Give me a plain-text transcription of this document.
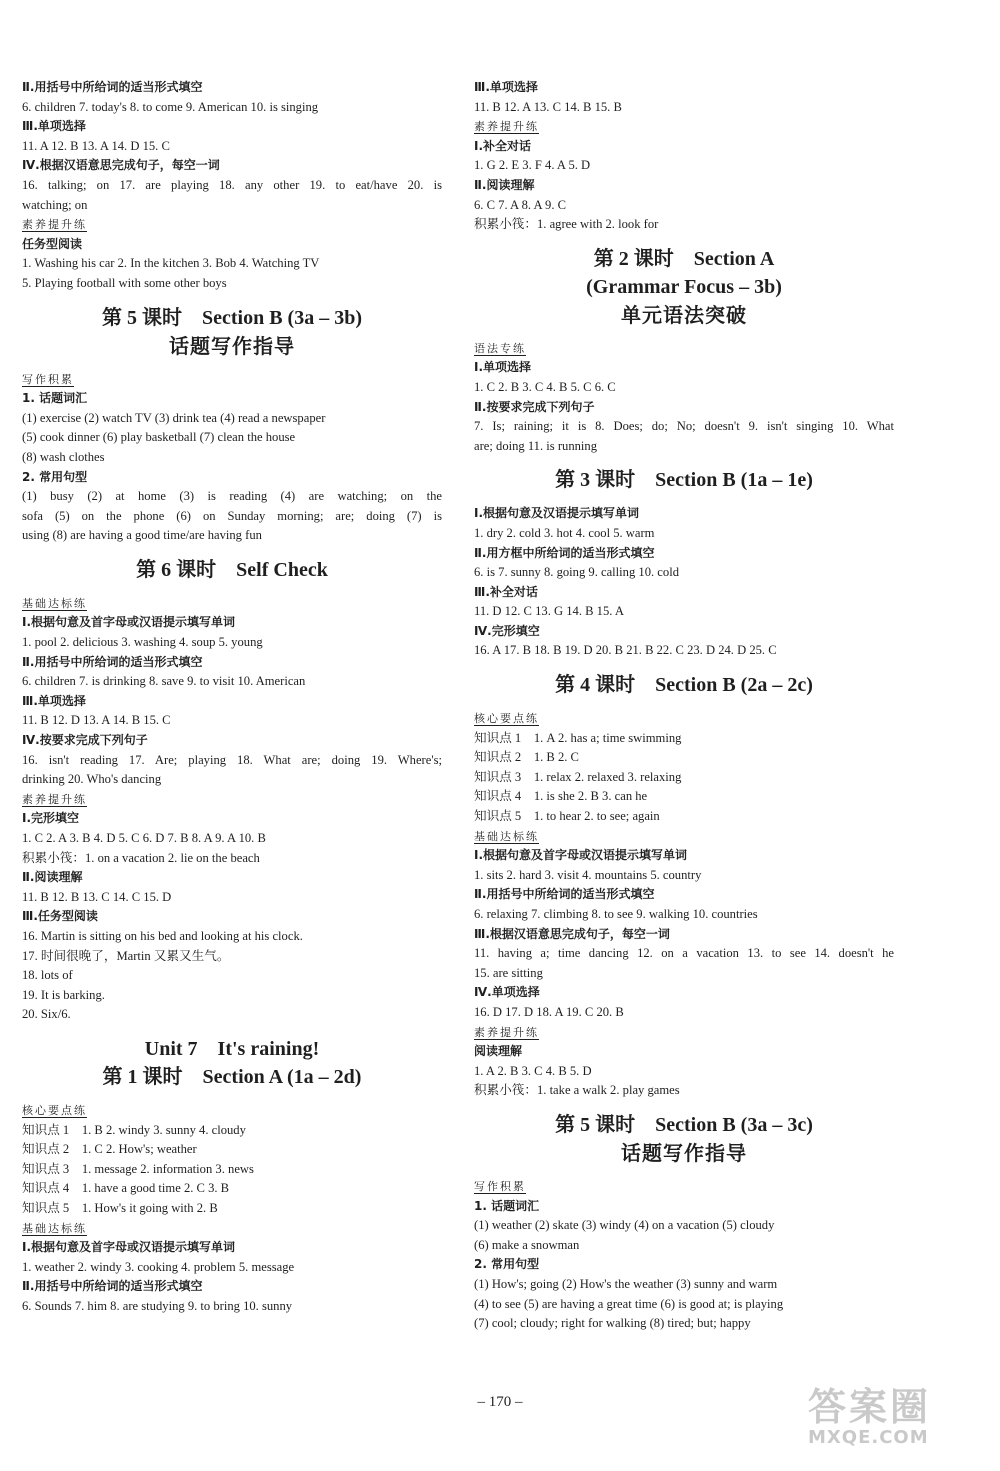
Ⅱ.用括号中所给词的适当形式填空
6. children 7. today's 8. to come 9. American 10. is singing
Ⅲ.单项选择
11. A 12. B 13. A 14. D 15. C
Ⅳ.根据汉语意思完成句子，每空一词
16. talking; on 17. are playing 18. any other 19. to eat/have 20. is
watching; on
素养提升练
任务型阅读
1. Washing his car 2. In the kitchen 3. Bob 4. Watching TV
5. Playing football with some other boys
第 5 课时　Section B (3a – 3b)
话题写作指导
写作积累
1. 话题词汇
(1) exercise (2) watch TV (3) drink tea (4) read a newspaper
(5) cook dinner (6) play basketball (7) clean the house
(8) wash clothes
2. 常用句型
(1) busy (2) at home (3) is reading (4) are watching; on the
sofa (5) on the phone (6) on Sunday morning; are; doing (7) is
using (8) are having a good time/are having fun
第 6 课时　Self Check
基础达标练
Ⅰ.根据句意及首字母或汉语提示填写单词
1. pool 2. delicious 3. washing 4. soup 5. young
Ⅱ.用括号中所给词的适当形式填空
6. children 7. is drinking 8. save 9. to visit 10. American
Ⅲ.单项选择
11. B 12. D 13. A 14. B 15. C
Ⅳ.按要求完成下列句子
16. isn't reading 17. Are; playing 18. What are; doing 19. Where's;
drinking 20. Who's dancing
素养提升练
Ⅰ.完形填空
1. C 2. A 3. B 4. D 5. C 6. D 7. B 8. A 9. A 10. B
积累小筏：1. on a vacation 2. lie on the beach
Ⅱ.阅读理解
11. B 12. B 13. C 14. C 15. D
Ⅲ.任务型阅读
16. Martin is sitting on his bed and looking at his clock.
17. 时间很晚了，Martin 又累又生气。
18. lots of
19. It is barking.
20. Six/6.
Unit 7　It's raining!
第 1 课时　Section A (1a – 2d)
核心要点练
知识点 1　1. B 2. windy 3. sunny 4. cloudy
知识点 2　1. C 2. How's; weather
知识点 3　1. message 2. information 3. news
知识点 4　1. have a good time 2. C 3. B
知识点 5　1. How's it going with 2. B
基础达标练
Ⅰ.根据句意及首字母或汉语提示填写单词
1. weather 2. windy 3. cooking 4. problem 5. message
Ⅱ.用括号中所给词的适当形式填空
6. Sounds 7. him 8. are studying 9. to bring 10. sunny
Ⅲ.单项选择
11. B 12. A 13. C 14. B 15. B
素养提升练
Ⅰ.补全对话
1. G 2. E 3. F 4. A 5. D
Ⅱ.阅读理解
6. C 7. A 8. A 9. C
积累小筏：1. agree with 2. look for
第 2 课时　Section A
(Grammar Focus – 3b)
单元语法突破
语法专练
Ⅰ.单项选择
1. C 2. B 3. C 4. B 5. C 6. C
Ⅱ.按要求完成下列句子
7. Is; raining; it is 8. Does; do; No; doesn't 9. isn't singing 10. What
are; doing 11. is running
第 3 课时　Section B (1a – 1e)
Ⅰ.根据句意及汉语提示填写单词
1. dry 2. cold 3. hot 4. cool 5. warm
Ⅱ.用方框中所给词的适当形式填空
6. is 7. sunny 8. going 9. calling 10. cold
Ⅲ.补全对话
11. D 12. C 13. G 14. B 15. A
Ⅳ.完形填空
16. A 17. B 18. B 19. D 20. B 21. B 22. C 23. D 24. D 25. C
第 4 课时　Section B (2a – 2c)
核心要点练
知识点 1　1. A 2. has a; time swimming
知识点 2　1. B 2. C
知识点 3　1. relax 2. relaxed 3. relaxing
知识点 4　1. is she 2. B 3. can he
知识点 5　1. to hear 2. to see; again
基础达标练
Ⅰ.根据句意及首字母或汉语提示填写单词
1. sits 2. hard 3. visit 4. mountains 5. country
Ⅱ.用括号中所给词的适当形式填空
6. relaxing 7. climbing 8. to see 9. walking 10. countries
Ⅲ.根据汉语意思完成句子，每空一词
11. having a; time dancing 12. on a vacation 13. to see 14. doesn't he
15. are sitting
Ⅳ.单项选择
16. D 17. D 18. A 19. C 20. B
素养提升练
阅读理解
1. A 2. B 3. C 4. B 5. D
积累小筏：1. take a walk 2. play games
第 5 课时　Section B (3a – 3c)
话题写作指导
写作积累
1. 话题词汇
(1) weather (2) skate (3) windy (4) on a vacation (5) cloudy
(6) make a snowman
2. 常用句型
(1) How's; going (2) How's the weather (3) sunny and warm
(4) to see (5) are having a great time (6) is good at; is playing
(7) cool; cloudy; right for walking (8) tired; but; happy
– 170 –	答案圈
MXQE.COM
